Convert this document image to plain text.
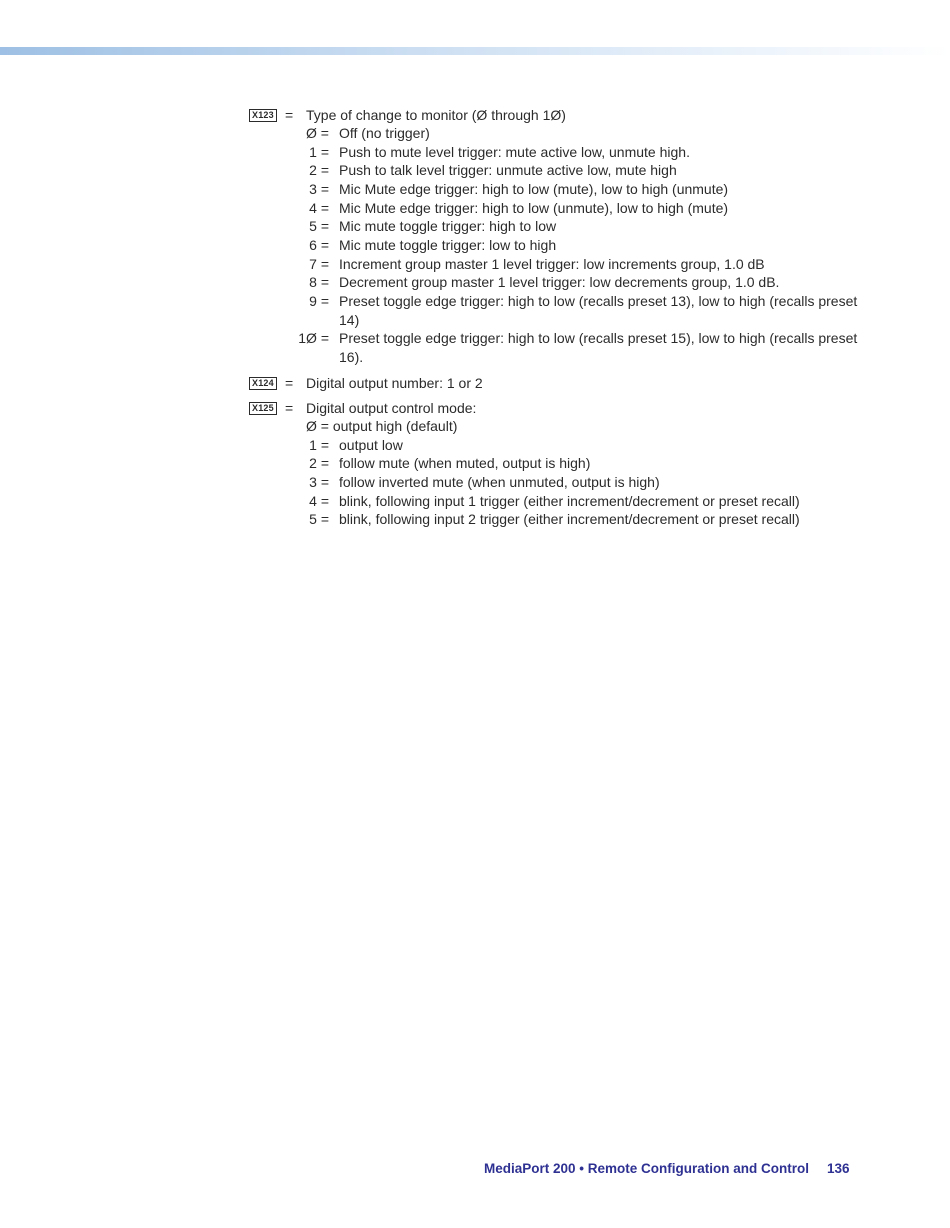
X123 = Type of change to monitor (Ø through 1Ø)
Ø = Off (no trigger)
1 = Push to mute level trigger: mute active low, unmute high.
2 = Push to talk level trigger: unmute active low, mute high
3 = Mic Mute edge trigger: high to low (mute), low to high (unmute)
4 = Mic Mute edge trigger: high to low (unmute), low to high (mute)
5 = Mic mute toggle trigger: high to low
6 = Mic mute toggle trigger: low to high
7 = Increment group master 1 level trigger: low increments group, 1.0 dB
8 = Decrement group master 1 level trigger: low decrements group, 1.0 dB.
9 = Preset toggle edge trigger: high to low (recalls preset 13), low to high (recalls preset 14)
1Ø = Preset toggle edge trigger: high to low (recalls preset 15), low to high (recalls preset 16).
X124 = Digital output number: 1 or 2
X125 = Digital output control mode:
Ø = output high (default)
1 = output low
2 = follow mute (when muted, output is high)
3 = follow inverted mute (when unmuted, output is high)
4 = blink, following input 1 trigger (either increment/decrement or preset recall)
5 = blink, following input 2 trigger (either increment/decrement or preset recall)
MediaPort 200 • Remote Configuration and Control 136
